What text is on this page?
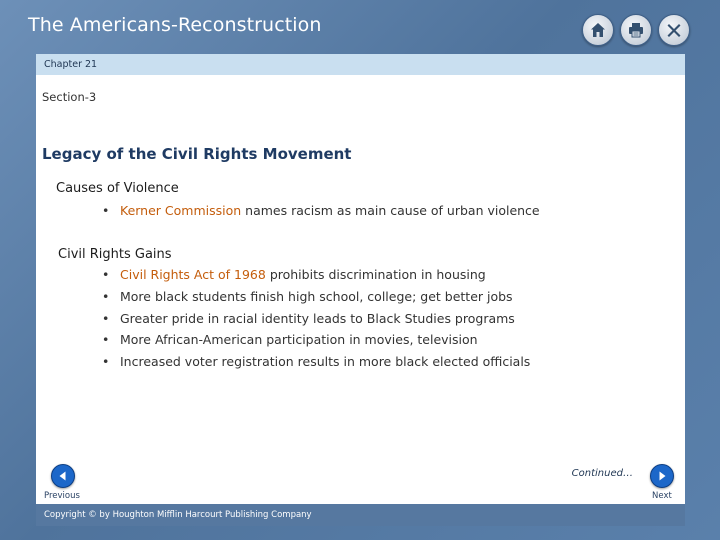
The Americans-Reconstruction
Chapter 21
Section-3
Legacy of the Civil Rights Movement
Causes of Violence
• Kerner Commission names racism as main cause of urban violence
Civil Rights Gains
• Civil Rights Act of 1968 prohibits discrimination in housing
• More black students finish high school, college; get better jobs
• Greater pride in racial identity leads to Black Studies programs
• More African-American participation in movies, television
• Increased voter registration results in more black elected officials
Continued…
Previous	Next
Copyright © by Houghton Mifflin Harcourt Publishing Company
